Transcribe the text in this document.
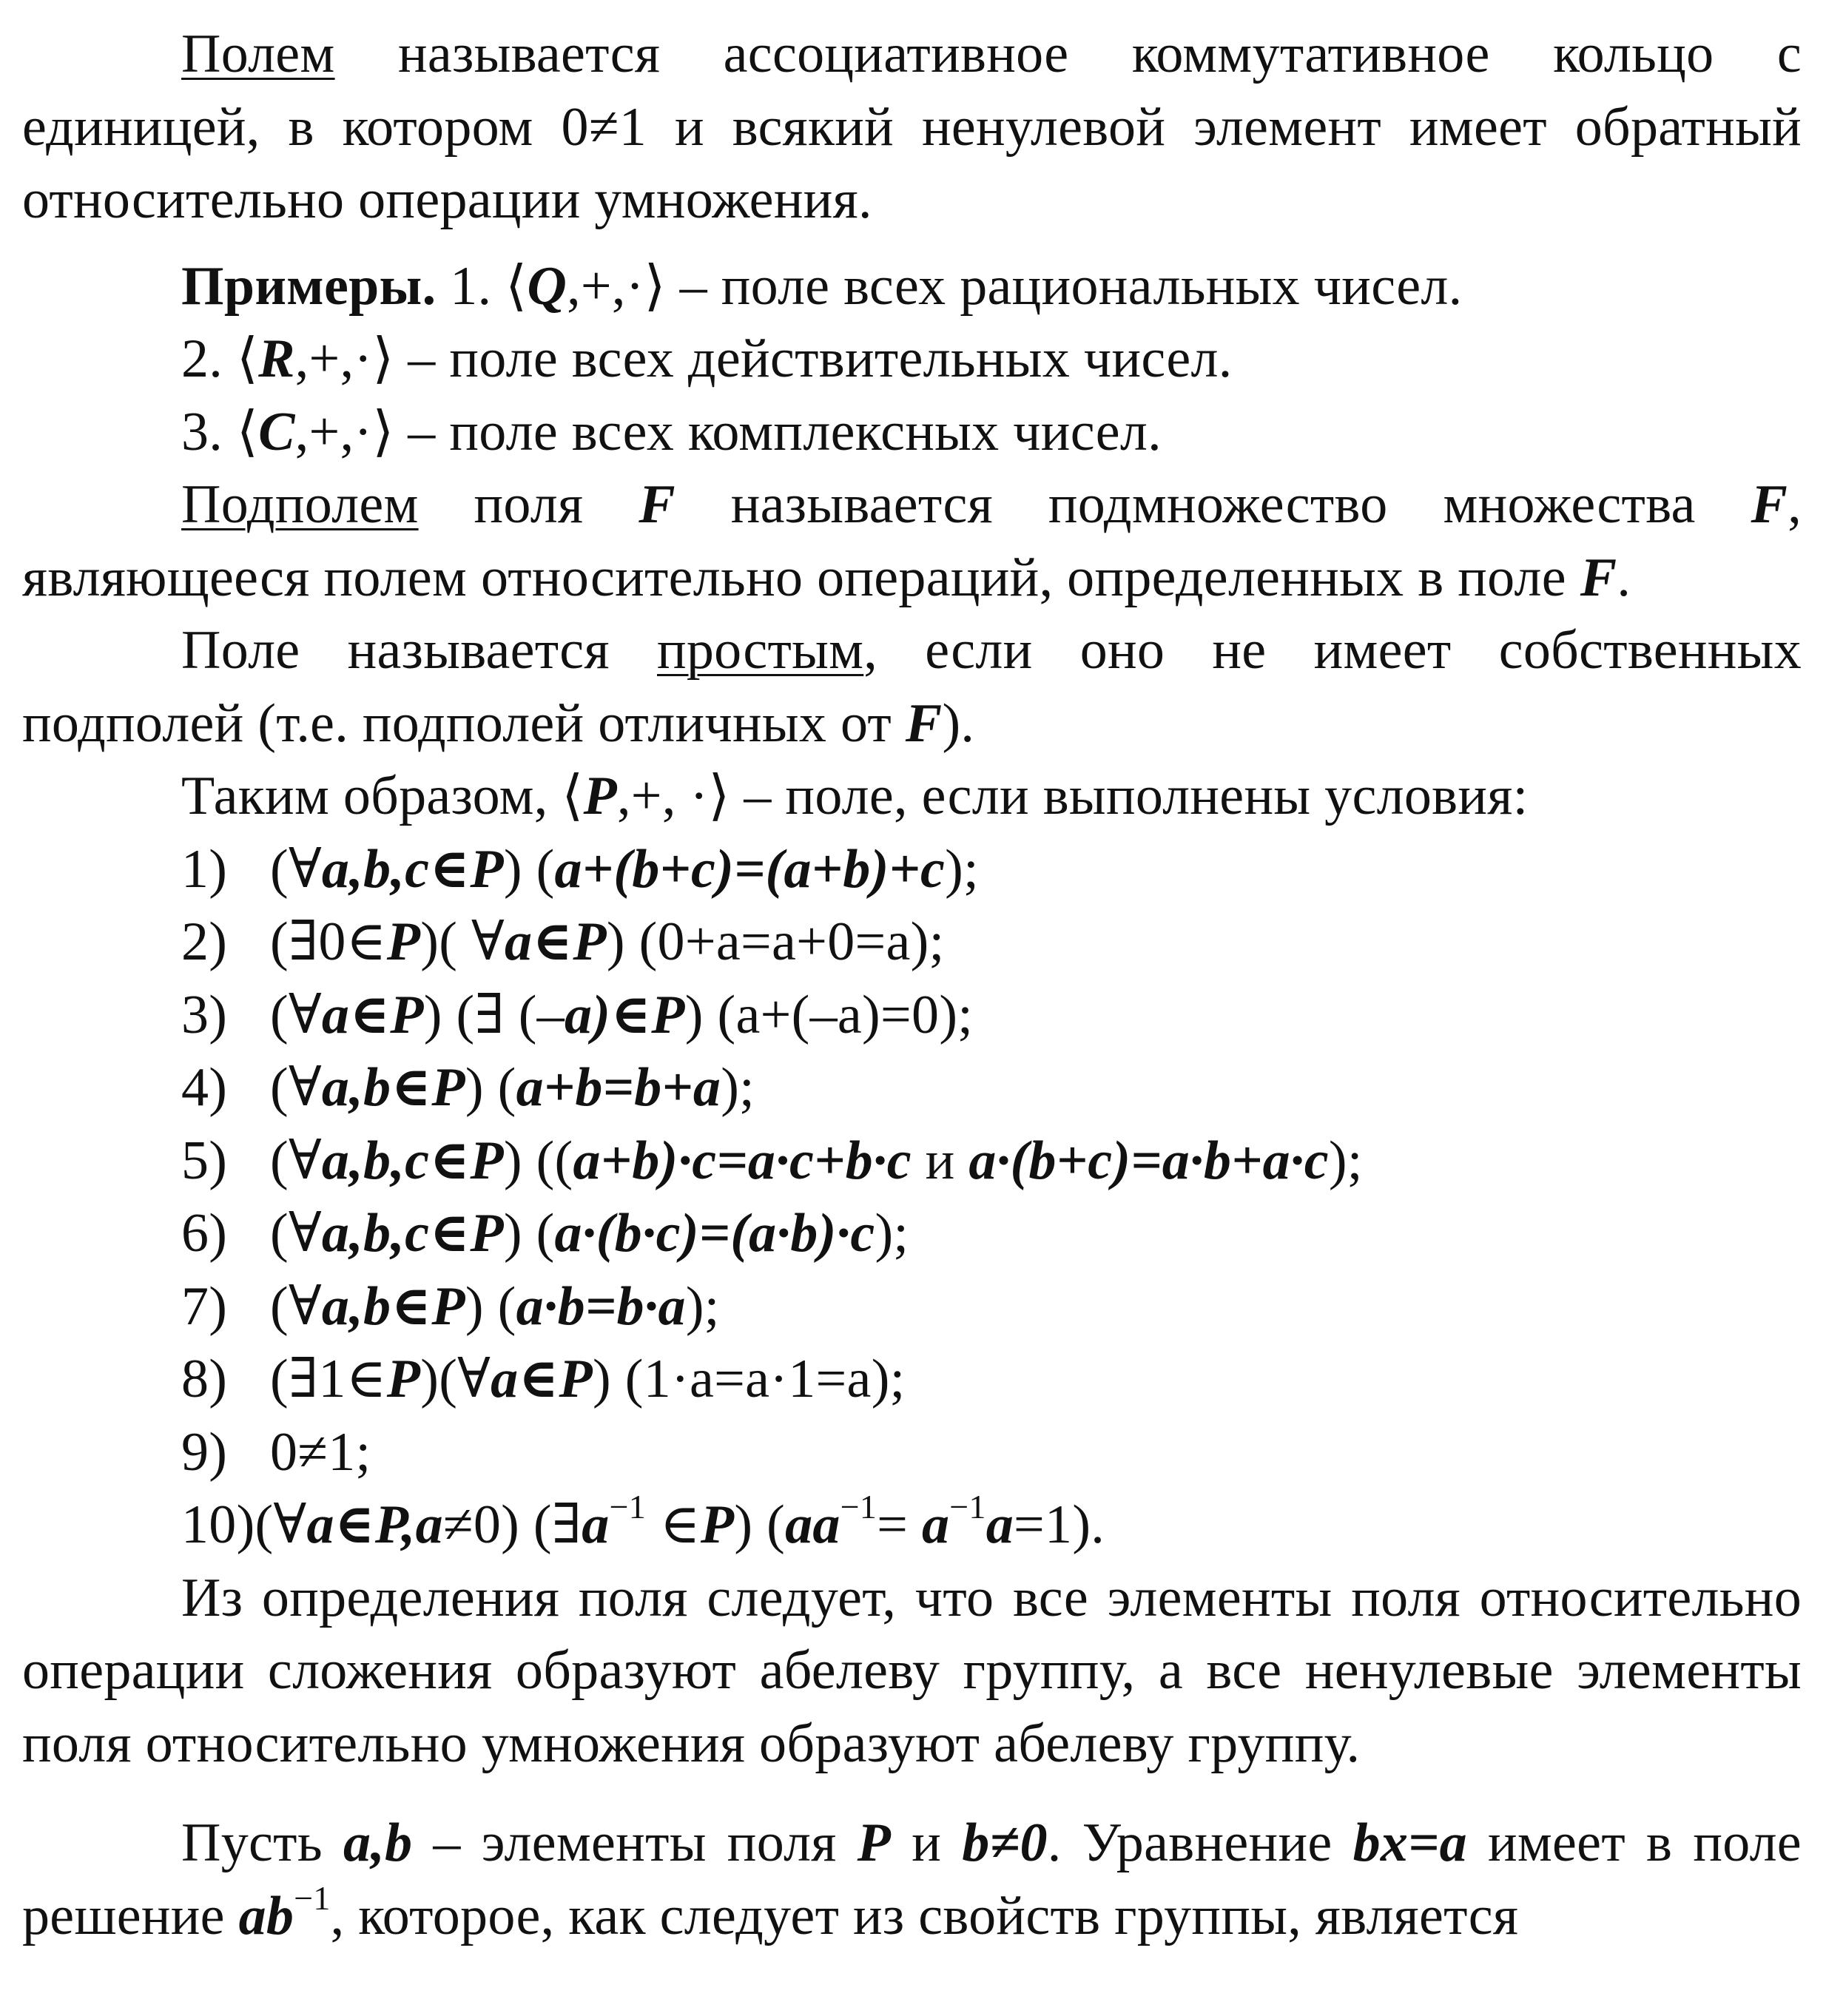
Полем называется ассоциативное коммутативное кольцо с единицей, в котором 0≠1 и всякий ненулевой элемент имеет обратный относительно операции умножения.

Примеры. 1. ⟨Q,+,·⟩ – поле всех рациональных чисел.

2. ⟨R,+,·⟩ – поле всех действительных чисел.

3. ⟨C,+,·⟩ – поле всех комплексных чисел.

Подполем поля F называется подмножество множества F, являющееся полем относительно операций, определенных в поле F.

Поле называется простым, если оно не имеет собственных подполей (т.е. подполей отличных от F).

Таким образом, ⟨P,+, ·⟩ – поле, если выполнены условия:

1) (∀a,b,c∈P) (a+(b+c)=(a+b)+c);

2) (∃0∈P)( ∀a∈P) (0+a=a+0=a);

3) (∀a∈P) (∃ (–a)∈P) (a+(–a)=0);

4) (∀a,b∈P) (a+b=b+a);

5) (∀a,b,c∈P) ((a+b)·c=a·c+b·c и a·(b+c)=a·b+a·c);

6) (∀a,b,c∈P) (a·(b·c)=(a·b)·c);

7) (∀a,b∈P) (a·b=b·a);

8) (∃1∈P)(∀a∈P) (1·a=a·1=a);

9) 0≠1;

10)(∀a∈P,a≠0) ($\exists a^{-1}$ ∈P) $(aa^{-1}= a^{-1}a=1)$.

Из определения поля следует, что все элементы поля относительно операции сложения образуют абелеву группу, а все ненулевые элементы поля относительно умножения образуют абелеву группу.

Пусть a,b – элементы поля P и b≠0. Уравнение bx=a имеет в поле решение $ab^{-1}$, которое, как следует из свойств группы, является
